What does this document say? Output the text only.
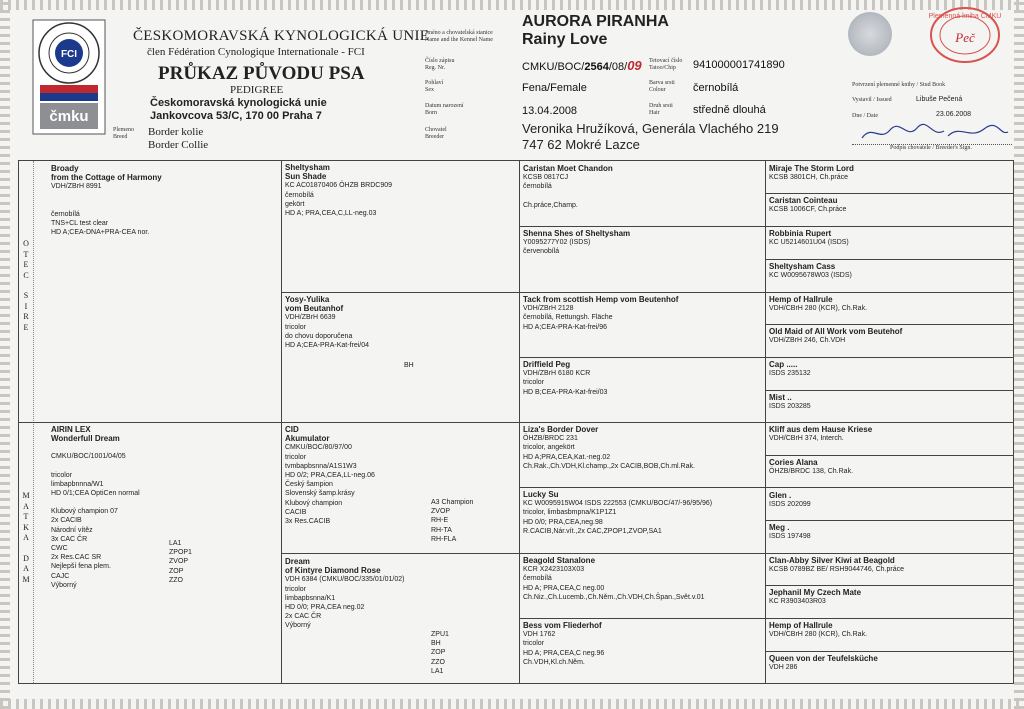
FCI
čmku
ČESKOMORAVSKÁ KYNOLOGICKÁ UNIE
člen Fédération Cynologique Internationale - FCI
PRŮKAZ PŮVODU PSA
PEDIGREE
Českomoravská kynologická unie
Jankovcova 53/C, 170 00 Praha 7
Plemeno
Breed	Border kolie
Border Collie
Jméno a chovatelská stanice
Name and the Kennel Name
AURORA PIRANHA
Rainy Love
Číslo zápisu
Reg. Nr.	CMKU/BOC/2564/08/09 Tetovací číslo
Tatoo/Chip	941000001741890
Pohlaví
Sex	Fena/Female	Barva srsti
Colour	černobílá
Datum narození
Born	13.04.2008	Druh srsti
Hair	středně dlouhá
Chovatel
Breeder
Veronika Hružíková, Generála Vlachého 219
747 62 Mokré Lazce
Plemenná kniha ČMKU
Peč
Potvrzení plemenné knihy / Stud Book
Vystavil / Issued	Libuše Pečená
Dne / Date	23.06.2008
Podpis chovatele / Breeder's Sign.
O
T
E
C
S
I
R
E
M
A
T
K
A
D
A
M
Broady
from the Cottage of Harmony
VDH/ZBrH 8991
černobílá
TNS+CL test clear
HD A;CEA-DNA+PRA-CEA nor.
AIRIN LEX
Wonderfull Dream
CMKU/BOC/1001/04/05
tricolor
limbapbnnna/W1
HD 0/1;CEA OptiCen normal
Klubový champion 07
2x CACIB
Národní vítěz
3x CAC ČR
CWC
2x Res.CAC SR
Nejlepší fena plem.
CAJC
Výborný
LA1
ZPOP1
ZVOP
ZOP
ZZO
Sheltysham
Sun Shade
KC AC01870406 ÖHZB BRDC909
černobílá
gekört
HD A; PRA,CEA,C,LL-neg.03
Yosy-Yulika
vom Beutanhof
VDH/ZBrH 6639
tricolor
do chovu doporučena
HD A;CEA-PRA-Kat-frei/04
BH
CID
Akumulator
CMKU/BOC/80/97/00
tricolor
tvmbapbsnna/A1S1W3
HD 0/2; PRA,CEA,LL-neg.06
Český šampion
Slovenský šamp.krásy
Klubový champion
CACIB
3x Res.CACIB
A3 Champion
ZVOP
RH-E
RH-TA
RH-FLA
Dream
of Kintyre Diamond Rose
VDH 6384 (CMKU/BOC/335/01/01/02)
tricolor
limbapbsnna/K1
HD 0/0; PRA,CEA neg.02
2x CAC ČR
Výborný
ZPU1
BH
ZOP
ZZO
LA1
Caristan Moet Chandon
KCSB 0817CJ
černobílá
Ch.práce,Champ.
Shenna Shes of Sheltysham
Y0095277Y02 (ISDS)
červenobílá
Tack from scottish Hemp vom Beutenhof
VDH/ZBrH 2128
černobílá, Rettungsh. Fläche
HD A;CEA-PRA-Kat-frei/96
Driffield Peg
VDH/ZBrH 6180 KCR
tricolor
HD B;CEA-PRA-Kat-frei/03
Liza's Border Dover
ÖHZB/BRDC 231
tricolor, angekört
HD A;PRA,CEA,Kat.-neg.02
Ch.Rak.,Ch.VDH,Kl.champ.,2x CACIB,BOB,Ch.ml.Rak.
Lucky Su
KC W0095915W04 ISDS 222553 (CMKU/BOC/47/-96/95/96)
tricolor, limbasbmpna/K1P1Z1
HD 0/0; PRA,CEA,neg.98
R.CACIB,Nár.vít.,2x CAC,ZPOP1,ZVOP,SA1
Beagold Stanalone
KCR X2423103X03
černobílá
HD A; PRA,CEA,C neg.00
Ch.Niz.,Ch.Lucemb.,Ch.Něm.,Ch.VDH,Ch.Špan.,Svět.v.01
Bess vom Fliederhof
VDH 1762
tricolor
HD A; PRA,CEA,C neg.96
Ch.VDH,Kl.ch.Něm.
Miraje The Storm Lord
KCSB 3801CH, Ch.práce
Caristan Cointeau
KCSB 1006CF, Ch.práce
Robbinia Rupert
KC U5214601U04 (ISDS)
Sheltysham Cass
KC W0095678W03 (ISDS)
Hemp of Hallrule
VDH/CBrH 280 (KCR), Ch.Rak.
Old Maid of All Work vom Beutehof
VDH/ZBrH 246, Ch.VDH
Cap .....
ISDS 235132
Mist ..
ISDS 203285
Kliff aus dem Hause Kriese
VDH/CBrH 374, Interch.
Cories Alana
ÖHZB/BRDC 138, Ch.Rak.
Glen .
ISDS 202099
Meg .
ISDS 197498
Clan-Abby Silver Kiwi at Beagold
KCSB 0789BZ BE/ RSH9044746, Ch.práce
Jephanil My Czech Mate
KC R3903403R03
Hemp of Hallrule
VDH/CBrH 280 (KCR), Ch.Rak.
Queen von der Teufelsküche
VDH 286
